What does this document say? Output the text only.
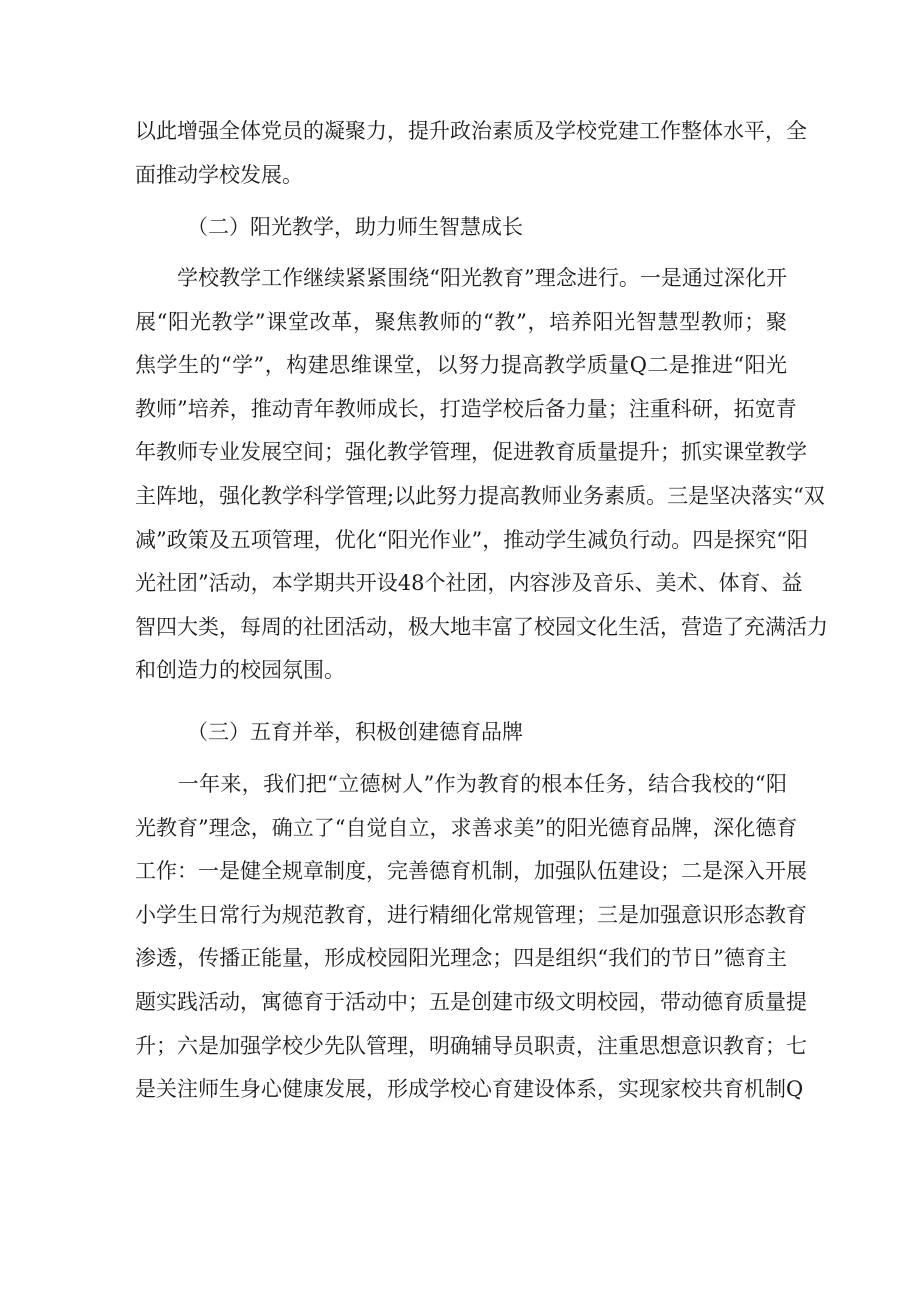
以此增强全体党员的凝聚力，提升政治素质及学校党建工作整体水平，全
面推动学校发展。
（二）阳光教学，助力师生智慧成长
　　学校教学工作继续紧紧围绕“阳光教育”理念进行。一是通过深化开
展“阳光教学”课堂改革，聚焦教师的“教”，培养阳光智慧型教师；聚
焦学生的“学”，构建思维课堂，以努力提高教学质量Q二是推进“阳光
教师”培养，推动青年教师成长，打造学校后备力量；注重科研，拓宽青
年教师专业发展空间；强化教学管理，促进教育质量提升；抓实课堂教学
主阵地，强化教学科学管理;以此努力提高教师业务素质。三是坚决落实“双
减”政策及五项管理，优化“阳光作业”，推动学生减负行动。四是探究“阳
光社团”活动，本学期共开设48个社团，内容涉及音乐、美术、体育、益
智四大类，每周的社团活动，极大地丰富了校园文化生活，营造了充满活力
和创造力的校园氛围。
（三）五育并举，积极创建德育品牌
　　一年来，我们把“立德树人”作为教育的根本任务，结合我校的“阳
光教育”理念，确立了“自觉自立，求善求美”的阳光德育品牌，深化德育
工作：一是健全规章制度，完善德育机制，加强队伍建设；二是深入开展
小学生日常行为规范教育，进行精细化常规管理；三是加强意识形态教育
渗透，传播正能量，形成校园阳光理念；四是组织“我们的节日”德育主
题实践活动，寓德育于活动中；五是创建市级文明校园，带动德育质量提
升；六是加强学校少先队管理，明确辅导员职责，注重思想意识教育；七
是关注师生身心健康发展，形成学校心育建设体系，实现家校共育机制Q
